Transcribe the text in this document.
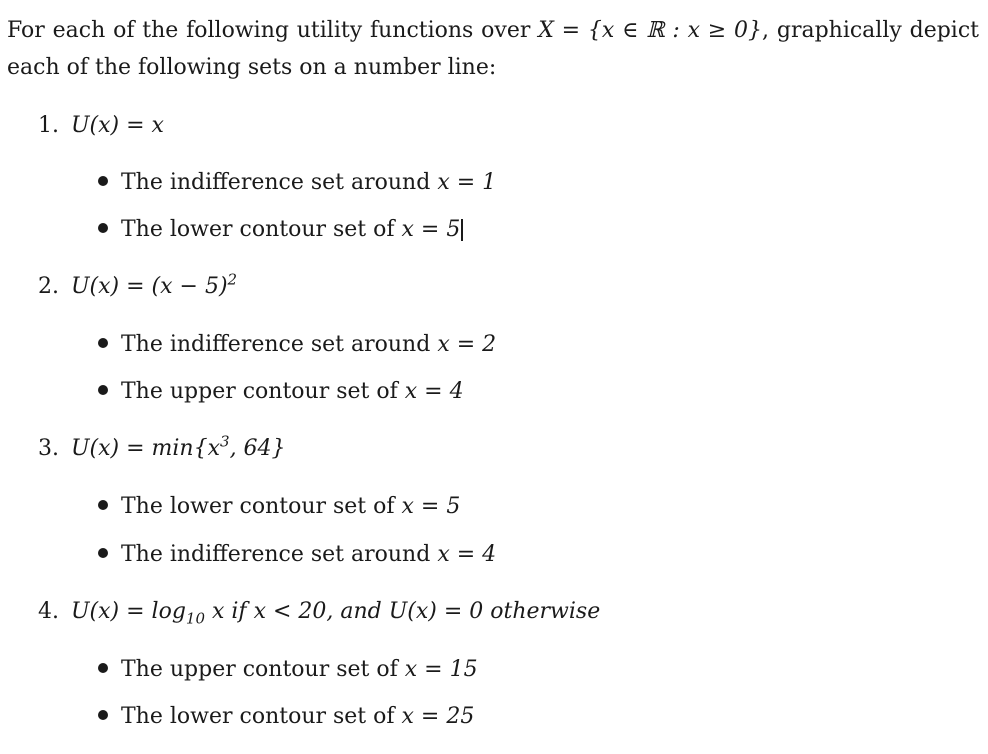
For each of the following utility functions over X = {x ∈ ℝ : x ≥ 0}, graphically depict each of the following sets on a number line:
1. U(x) = x
The indifference set around x = 1
The lower contour set of x = 5
2. $U(x) = (x - 5)^2$
The indifference set around x = 2
The upper contour set of x = 4
3. $U(x) = \min\{x^3$, 64}
The lower contour set of x = 5
The indifference set around x = 4
4. $U(x) = \log_{10} x$ if x < 20, and U(x) = 0 otherwise
The upper contour set of x = 15
The lower contour set of x = 25
